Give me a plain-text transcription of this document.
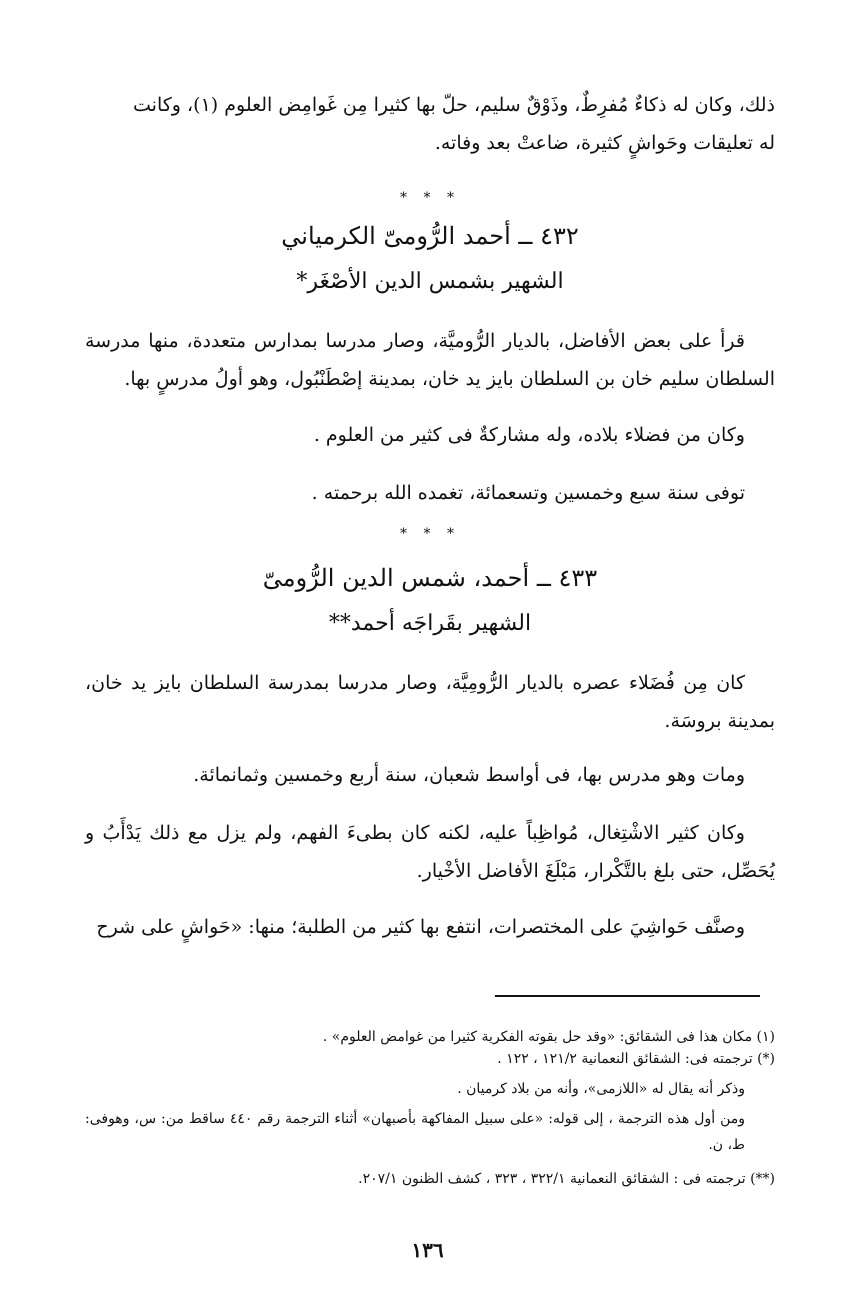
ذلك، وكان له ذكاءٌ مُفرِطٌ، وذَوْقٌ سليم، حلّ بها كثيرا مِن غَوامِض العلوم (١)، وكانت
له تعليقات وحَواشٍ كثيرة، ضاعتْ بعد وفاته.
* * *
٤٣٢ ــ أحمد الرُّومىّ الكرمياني
الشهير بشمس الدين الأصْغَر*
قرأ على بعض الأفاضل، بالديار الرُّوميَّة، وصار مدرسا بمدارس متعددة، منها مدرسة السلطان سليم خان بن السلطان بايز يد خان، بمدينة إصْطَنْبُول، وهو أولُ مدرسٍ بها.
وكان من فضلاء بلاده، وله مشاركةٌ فى كثير من العلوم .
توفى سنة سبع وخمسين وتسعمائة، تغمده الله برحمته .
* * *
٤٣٣ ــ أحمد، شمس الدين الرُّومىّ
الشهير بقَراجَه أحمد**
كان مِن فُضَلاء عصره بالديار الرُّومِيَّة، وصار مدرسا بمدرسة السلطان بايز يد خان، بمدينة بروسَة.
ومات وهو مدرس بها، فى أواسط شعبان، سنة أربع وخمسين وثمانمائة.
وكان كثير الاشْتِغال، مُواظِباً عليه، لكنه كان بطىءَ الفهم، ولم يزل مع ذلك يَدْأَبُ و يُحَصِّل، حتى بلغ بالتَّكْرار، مَبْلَغَ الأفاضل الأخْيار.
وصنَّف حَواشِيَ على المختصرات، انتفع بها كثير من الطلبة؛ منها: «حَواشٍ على شرح
(١) مكان هذا فى الشقائق: «وقد حل بقوته الفكرية كثيرا من غوامض العلوم» .
(*) ترجمته فى: الشقائق النعمانية ١٢١/٢ ، ١٢٢ .
وذكر أنه يقال له «اللازمى»، وأنه من بلاد كرميان .
ومن أول هذه الترجمة ، إلى قوله: «على سبيل المفاكهة بأصبهان» أثناء الترجمة رقم ٤٤٠ ساقط من: س، وهوفى: ط، ن.
(**) ترجمته فى : الشقائق النعمانية ٣٢٢/١ ، ٣٢٣ ، كشف الظنون ٢٠٧/١.
١٣٦
